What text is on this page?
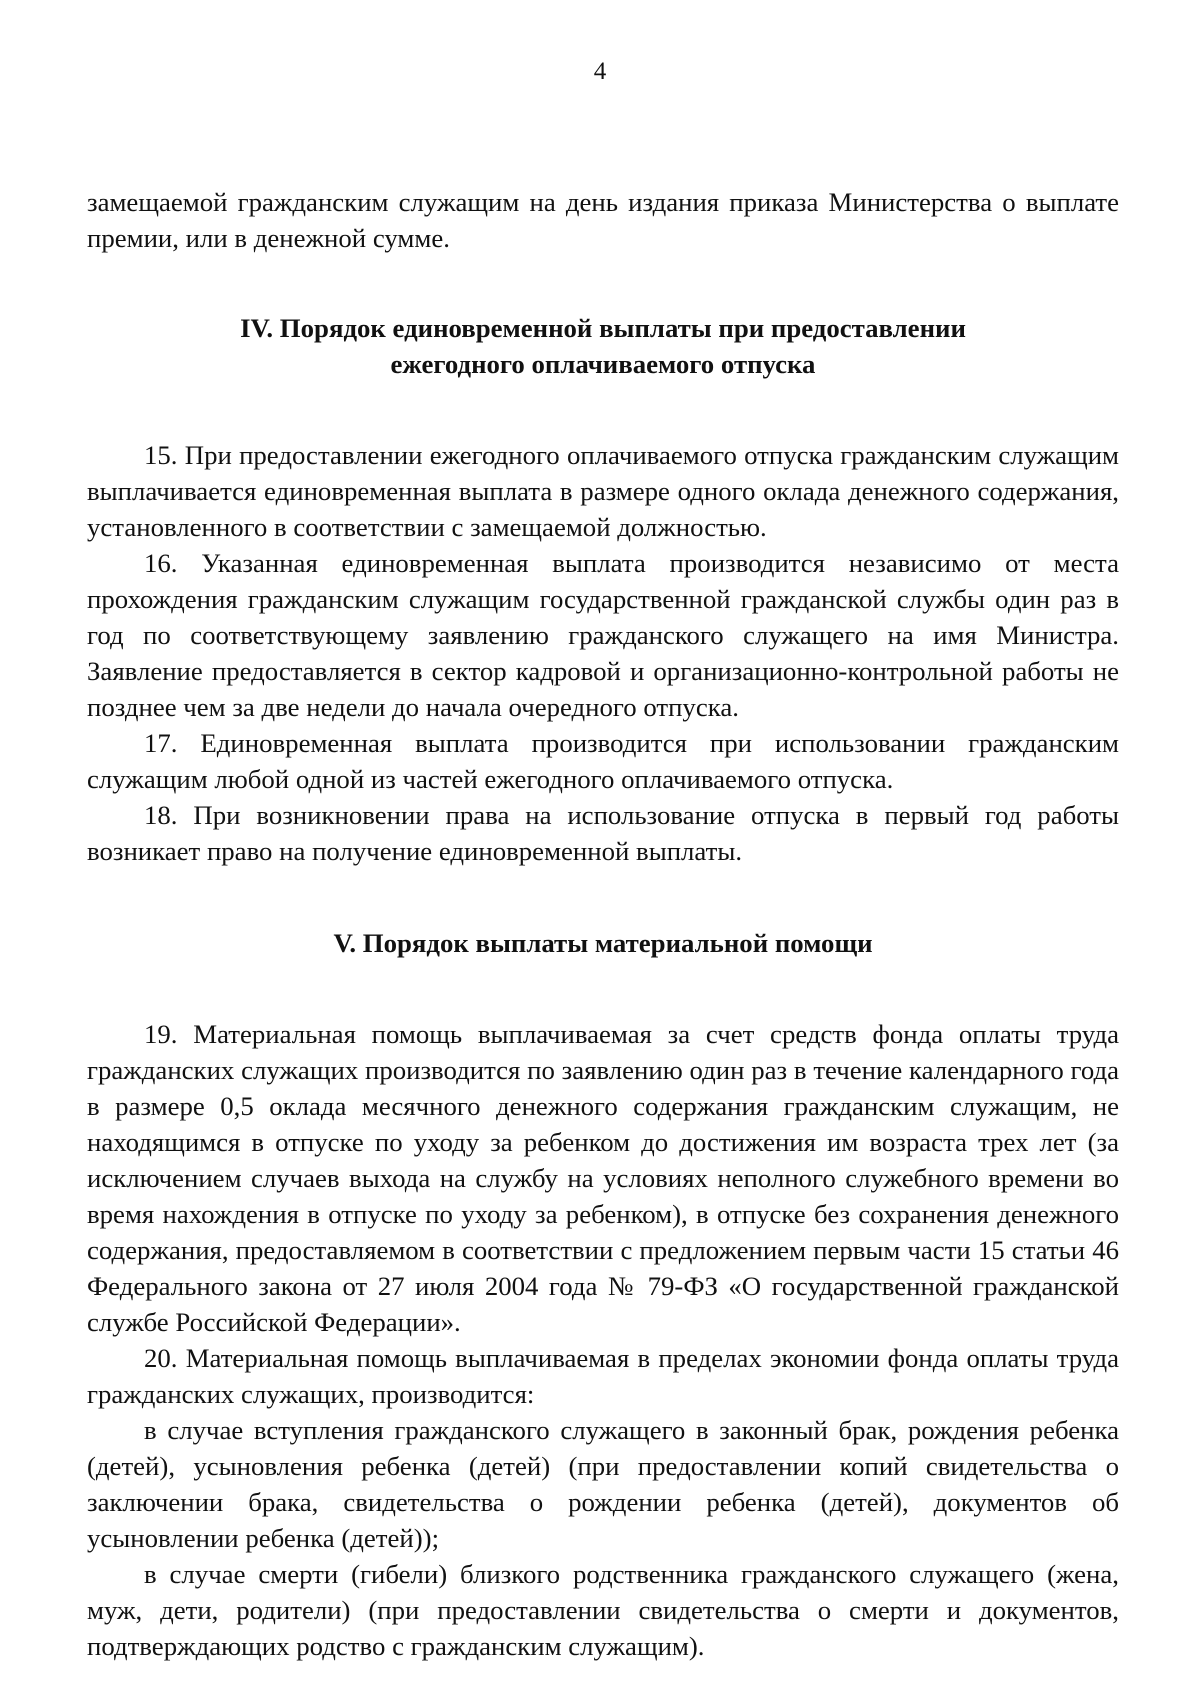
4

замещаемой гражданским служащим на день издания приказа Министерства о выплате премии, или в денежной сумме.

IV. Порядок единовременной выплаты при предоставлении
ежегодного оплачиваемого отпуска

15. При предоставлении ежегодного оплачиваемого отпуска гражданским служащим выплачивается единовременная выплата в размере одного оклада денежного содержания, установленного в соответствии с замещаемой должностью.

16. Указанная единовременная выплата производится независимо от места прохождения гражданским служащим государственной гражданской службы один раз в год по соответствующему заявлению гражданского служащего на имя Министра. Заявление предоставляется в сектор кадровой и организационно-контрольной работы не позднее чем за две недели до начала очередного отпуска.

17. Единовременная выплата производится при использовании гражданским служащим любой одной из частей ежегодного оплачиваемого отпуска.

18. При возникновении права на использование отпуска в первый год работы возникает право на получение единовременной выплаты.

V. Порядок выплаты материальной помощи

19. Материальная помощь выплачиваемая за счет средств фонда оплаты труда гражданских служащих производится по заявлению один раз в течение календарного года в размере 0,5 оклада месячного денежного содержания гражданским служащим, не находящимся в отпуске по уходу за ребенком до достижения им возраста трех лет (за исключением случаев выхода на службу на условиях неполного служебного времени во время нахождения в отпуске по уходу за ребенком), в отпуске без сохранения денежного содержания, предоставляемом в соответствии с предложением первым части 15 статьи 46 Федерального закона от 27 июля 2004 года № 79-ФЗ «О государственной гражданской службе Российской Федерации».

20. Материальная помощь выплачиваемая в пределах экономии фонда оплаты труда гражданских служащих, производится:

в случае вступления гражданского служащего в законный брак, рождения ребенка (детей), усыновления ребенка (детей) (при предоставлении копий свидетельства о заключении брака, свидетельства о рождении ребенка (детей), документов об усыновлении ребенка (детей));

в случае смерти (гибели) близкого родственника гражданского служащего (жена, муж, дети, родители) (при предоставлении свидетельства о смерти и документов, подтверждающих родство с гражданским служащим).
